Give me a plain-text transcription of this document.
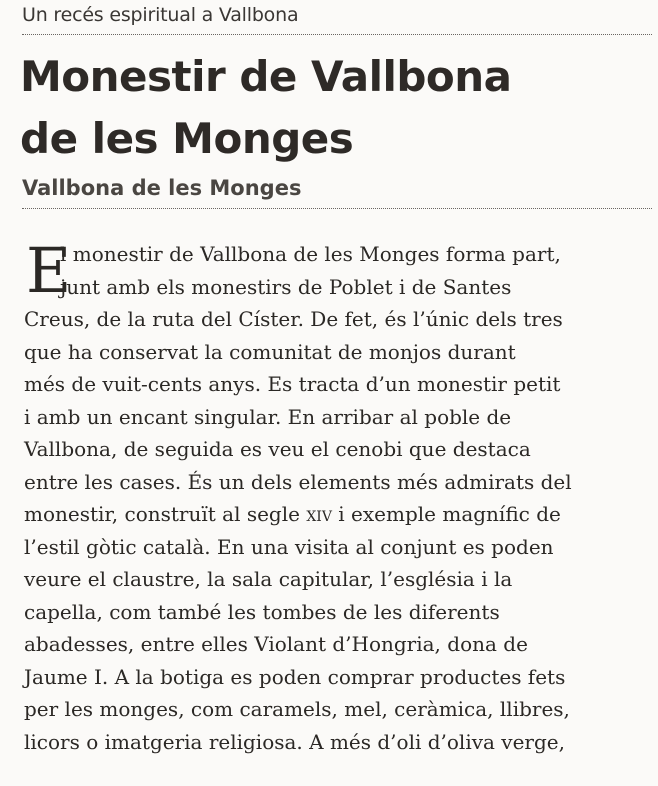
Un recés espiritual a Vallbona
Monestir de Vallbona
de les Monges
Vallbona de les Monges
E
l monestir de Vallbona de les Monges forma part,
junt amb els monestirs de Poblet i de Santes
Creus, de la ruta del Císter. De fet, és l’únic dels tres
que ha conservat la comunitat de monjos durant
més de vuit-cents anys. Es tracta d’un monestir petit
i amb un encant singular. En arribar al poble de
Vallbona, de seguida es veu el cenobi que destaca
entre les cases. És un dels elements més admirats del
monestir, construït al segle xiv i exemple magnífic de
l’estil gòtic català. En una visita al conjunt es poden
veure el claustre, la sala capitular, l’església i la
capella, com també les tombes de les diferents
abadesses, entre elles Violant d’Hongria, dona de
Jaume I. A la botiga es poden comprar productes fets
per les monges, com caramels, mel, ceràmica, llibres,
licors o imatgeria religiosa. A més d’oli d’oliva verge,
